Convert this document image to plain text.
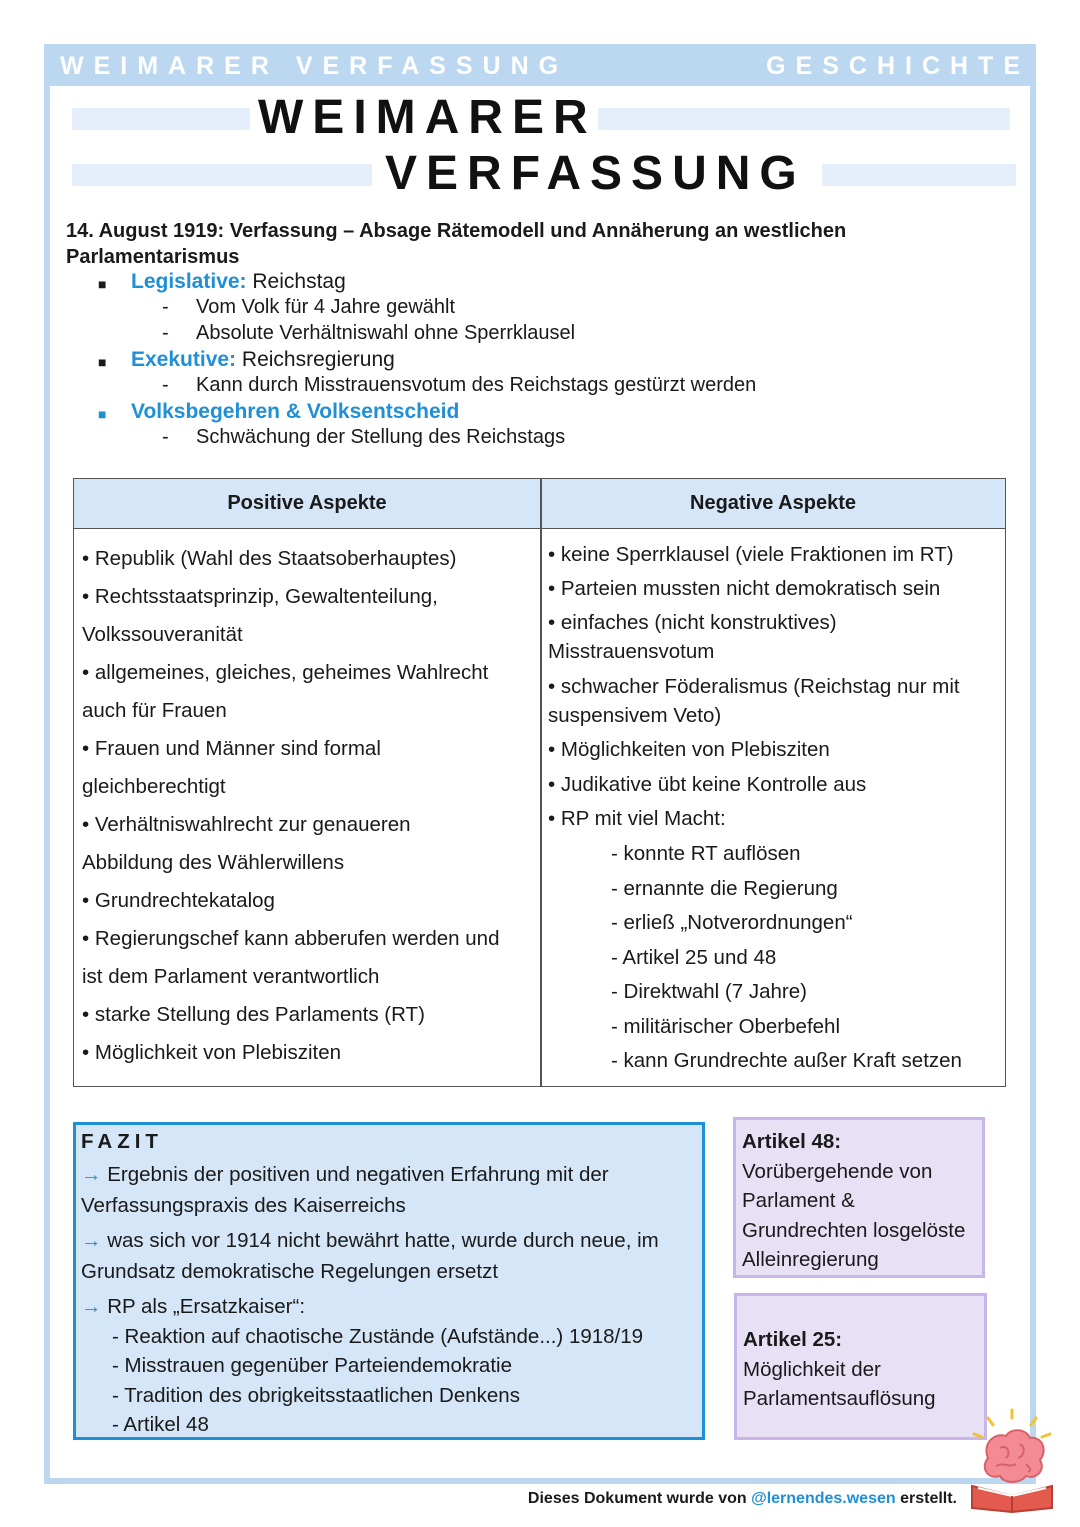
WEIMARER VERFASSUNG	GESCHICHTE
WEIMARER
VERFASSUNG
14. August 1919: Verfassung – Absage Rätemodell und Annäherung an westlichen
Parlamentarismus
■ Legislative: Reichstag
- Vom Volk für 4 Jahre gewählt
- Absolute Verhältniswahl ohne Sperrklausel
■ Exekutive: Reichsregierung
- Kann durch Misstrauensvotum des Reichstags gestürzt werden
■ Volksbegehren & Volksentscheid
- Schwächung der Stellung des Reichstags
Positive Aspekte	Negative Aspekte
• Republik (Wahl des Staatsoberhauptes)
• Rechtsstaatsprinzip, Gewaltenteilung,
Volkssouveranität
• allgemeines, gleiches, geheimes Wahlrecht
auch für Frauen
• Frauen und Männer sind formal
gleichberechtigt
• Verhältniswahlrecht zur genaueren
Abbildung des Wählerwillens
• Grundrechtekatalog
• Regierungschef kann abberufen werden und
ist dem Parlament verantwortlich
• starke Stellung des Parlaments (RT)
• Möglichkeit von Plebisziten
• keine Sperrklausel (viele Fraktionen im RT)
• Parteien mussten nicht demokratisch sein
• einfaches (nicht konstruktives)
Misstrauensvotum
• schwacher Föderalismus (Reichstag nur mit
suspensivem Veto)
• Möglichkeiten von Plebisziten
• Judikative übt keine Kontrolle aus
• RP mit viel Macht:
- konnte RT auflösen
- ernannte die Regierung
- erließ „Notverordnungen“
- Artikel 25 und 48
- Direktwahl (7 Jahre)
- militärischer Oberbefehl
- kann Grundrechte außer Kraft setzen
FAZIT
→ Ergebnis der positiven und negativen Erfahrung mit der
Verfassungspraxis des Kaiserreichs
→ was sich vor 1914 nicht bewährt hatte, wurde durch neue, im
Grundsatz demokratische Regelungen ersetzt
→ RP als „Ersatzkaiser“:
- Reaktion auf chaotische Zustände (Aufstände...) 1918/19
- Misstrauen gegenüber Parteiendemokratie
- Tradition des obrigkeitsstaatlichen Denkens
- Artikel 48
Artikel 48:
Vorübergehende von
Parlament &
Grundrechten losgelöste
Alleinregierung
Artikel 25:
Möglichkeit der
Parlamentsauflösung
Dieses Dokument wurde von @lernendes.wesen erstellt.
